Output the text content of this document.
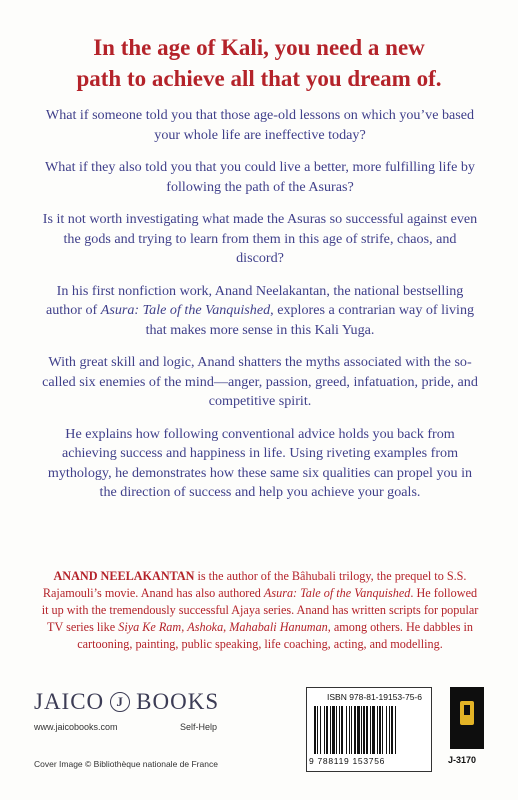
In the age of Kali, you need a new
path to achieve all that you dream of.

What if someone told you that those age-old lessons on which you’ve based your whole life are ineffective today?

What if they also told you that you could live a better, more fulfilling life by following the path of the Asuras?

Is it not worth investigating what made the Asuras so successful against even the gods and trying to learn from them in this age of strife, chaos, and discord?

In his first nonfiction work, Anand Neelakantan, the national bestselling author of Asura: Tale of the Vanquished, explores a contrarian way of living that makes more sense in this Kali Yuga.

With great skill and logic, Anand shatters the myths associated with the so-called six enemies of the mind—anger, passion, greed, infatuation, pride, and competitive spirit.

He explains how following conventional advice holds you back from achieving success and happiness in life. Using riveting examples from mythology, he demonstrates how these same six qualities can propel you in the direction of success and help you achieve your goals.

ANAND NEELAKANTAN is the author of the Bâhubali trilogy, the prequel to S.S. Rajamouli’s movie. Anand has also authored Asura: Tale of the Vanquished. He followed it up with the tremendously successful Ajaya series. Anand has written scripts for popular TV series like Siya Ke Ram, Ashoka, Mahabali Hanuman, among others. He dabbles in cartooning, painting, public speaking, life coaching, acting, and modelling.

JAICO J BOOKS
www.jaicobooks.com	Self-Help
Cover Image © Bibliothèque nationale de France
ISBN 978-81-19153-75-6
9 788119 153756	J-3170
